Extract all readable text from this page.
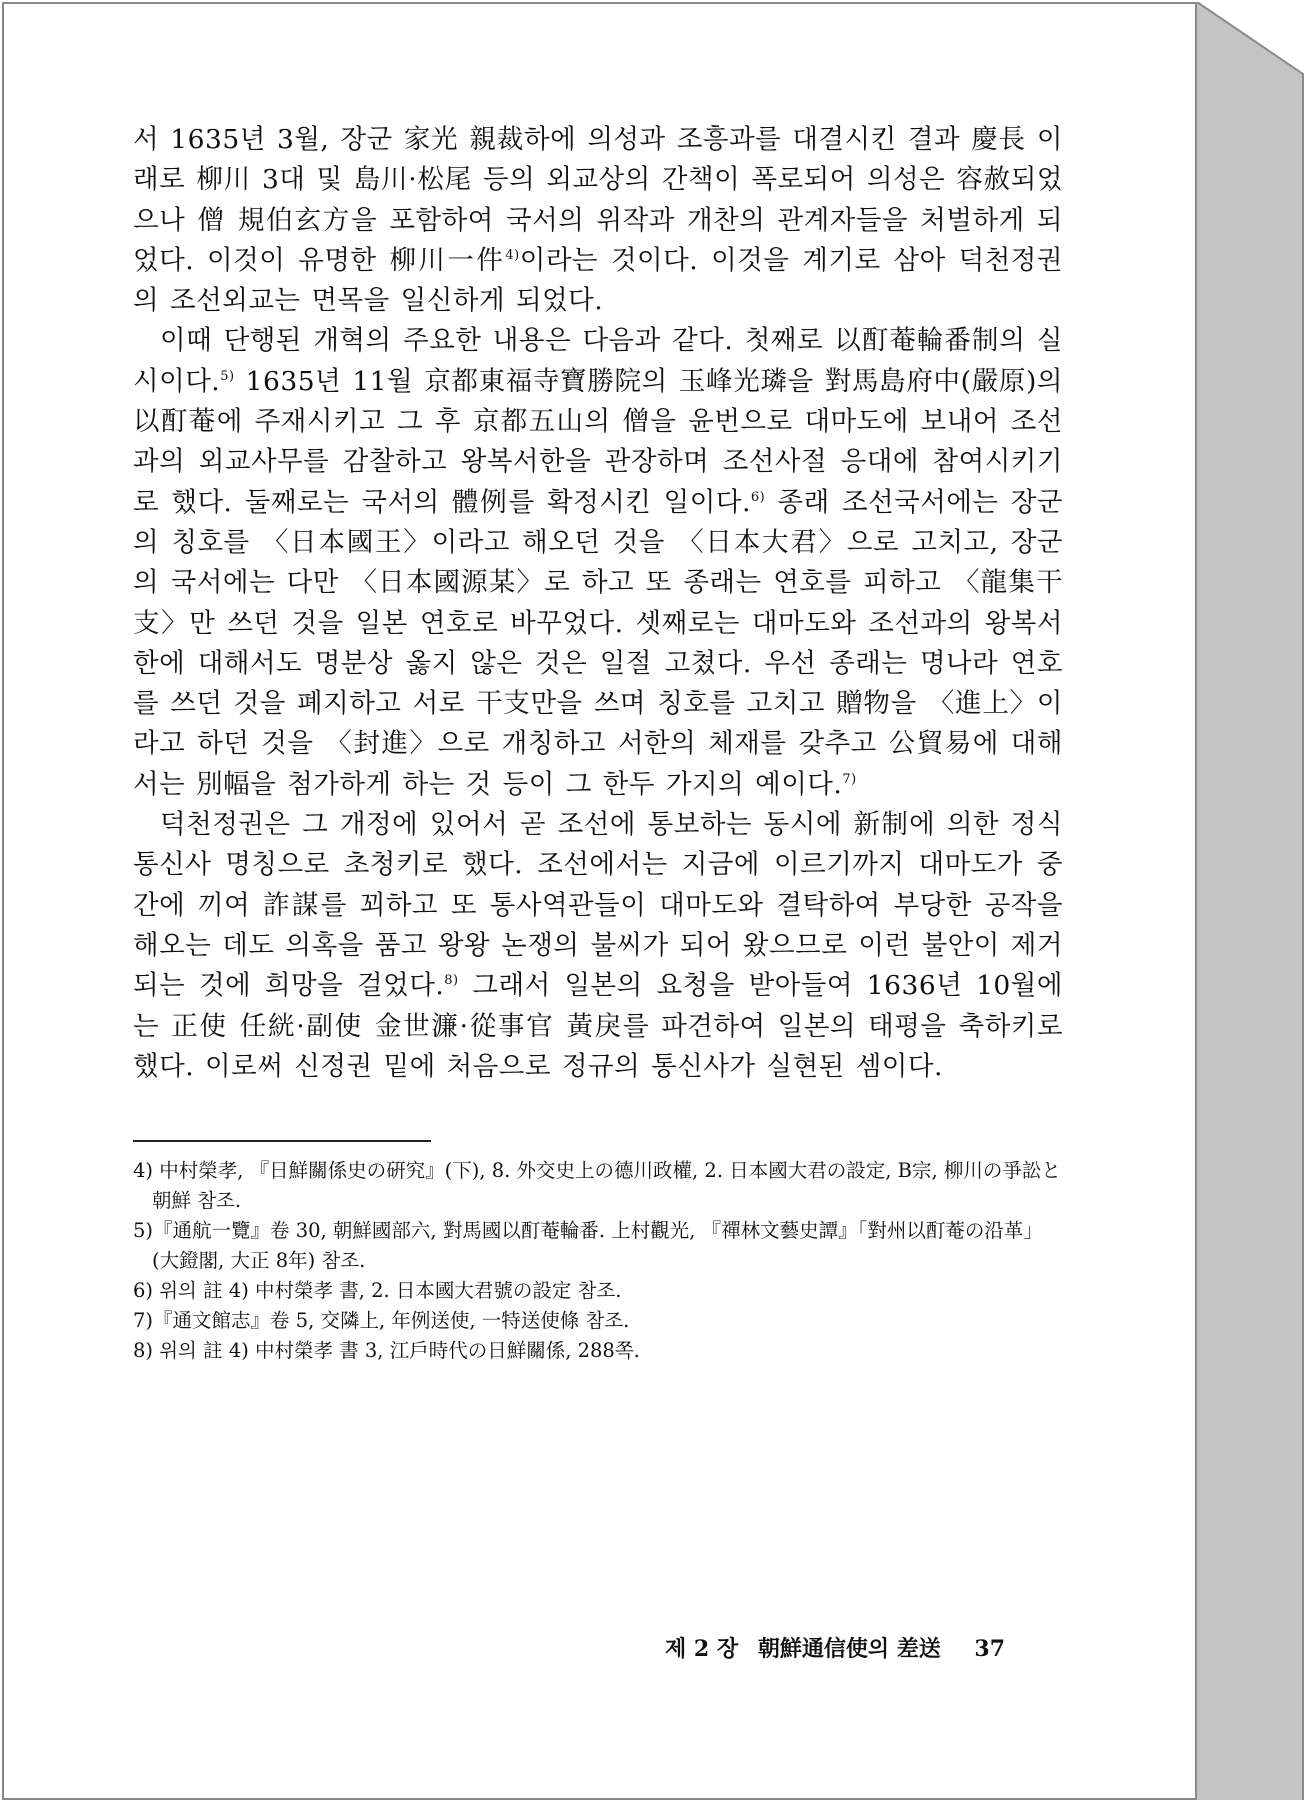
서 1635년 3월, 장군 家光 親裁하에 의성과 조흥과를 대결시킨 결과 慶長 이래로 柳川 3대 및 島川·松尾 등의 외교상의 간책이 폭로되어 의성은 容赦되었으나 僧 規伯玄方을 포함하여 국서의 위작과 개찬의 관계자들을 처벌하게 되었다. 이것이 유명한 柳川一件$^{4)}$이라는 것이다. 이것을 계기로 삼아 덕천정권의 조선외교는 면목을 일신하게 되었다.

이때 단행된 개혁의 주요한 내용은 다음과 같다. 첫째로 以酊菴輪番制의 실시이다.$^{5)}$ 1635년 11월 京都東福寺寶勝院의 玉峰光璘을 對馬島府中(嚴原)의 以酊菴에 주재시키고 그 후 京都五山의 僧을 윤번으로 대마도에 보내어 조선과의 외교사무를 감찰하고 왕복서한을 관장하며 조선사절 응대에 참여시키기로 했다. 둘째로는 국서의 體例를 확정시킨 일이다.$^{6)}$ 종래 조선국서에는 장군의 칭호를 〈日本國王〉이라고 해오던 것을 〈日本大君〉으로 고치고, 장군의 국서에는 다만 〈日本國源某〉로 하고 또 종래는 연호를 피하고 〈龍集干支〉만 쓰던 것을 일본 연호로 바꾸었다. 셋째로는 대마도와 조선과의 왕복서한에 대해서도 명분상 옳지 않은 것은 일절 고쳤다. 우선 종래는 명나라 연호를 쓰던 것을 폐지하고 서로 干支만을 쓰며 칭호를 고치고 贈物을 〈進上〉이라고 하던 것을 〈封進〉으로 개칭하고 서한의 체재를 갖추고 公貿易에 대해서는 別幅을 첨가하게 하는 것 등이 그 한두 가지의 예이다.$^{7)}$

덕천정권은 그 개정에 있어서 곧 조선에 통보하는 동시에 新制에 의한 정식 통신사 명칭으로 초청키로 했다. 조선에서는 지금에 이르기까지 대마도가 중간에 끼여 詐謀를 꾀하고 또 통사역관들이 대마도와 결탁하여 부당한 공작을 해오는 데도 의혹을 품고 왕왕 논쟁의 불씨가 되어 왔으므로 이런 불안이 제거되는 것에 희망을 걸었다.$^{8)}$ 그래서 일본의 요청을 받아들여 1636년 10월에는 正使 任絖·副使 金世濂·從事官 黃戾를 파견하여 일본의 태평을 축하키로 했다. 이로써 신정권 밑에 처음으로 정규의 통신사가 실현된 셈이다.

4) 中村榮孝, 『日鮮關係史の硏究』(下), 8. 外交史上の德川政權, 2. 日本國大君の設定, B宗, 柳川の爭訟と朝鮮 참조.

5)『通航一覽』卷 30, 朝鮮國部六, 對馬國以酊菴輪番. 上村觀光, 『禪林文藝史譚』「對州以酊菴の沿革」(大鐙閣, 大正 8年) 참조.

6) 위의 註 4) 中村榮孝 書, 2. 日本國大君號の設定 참조.

7)『通文館志』卷 5, 交隣上, 年例送使, 一特送使條 참조.

8) 위의 註 4) 中村榮孝 書 3, 江戶時代の日鮮關係, 288쪽.

제 2 장 朝鮮通信使의 差送 37
